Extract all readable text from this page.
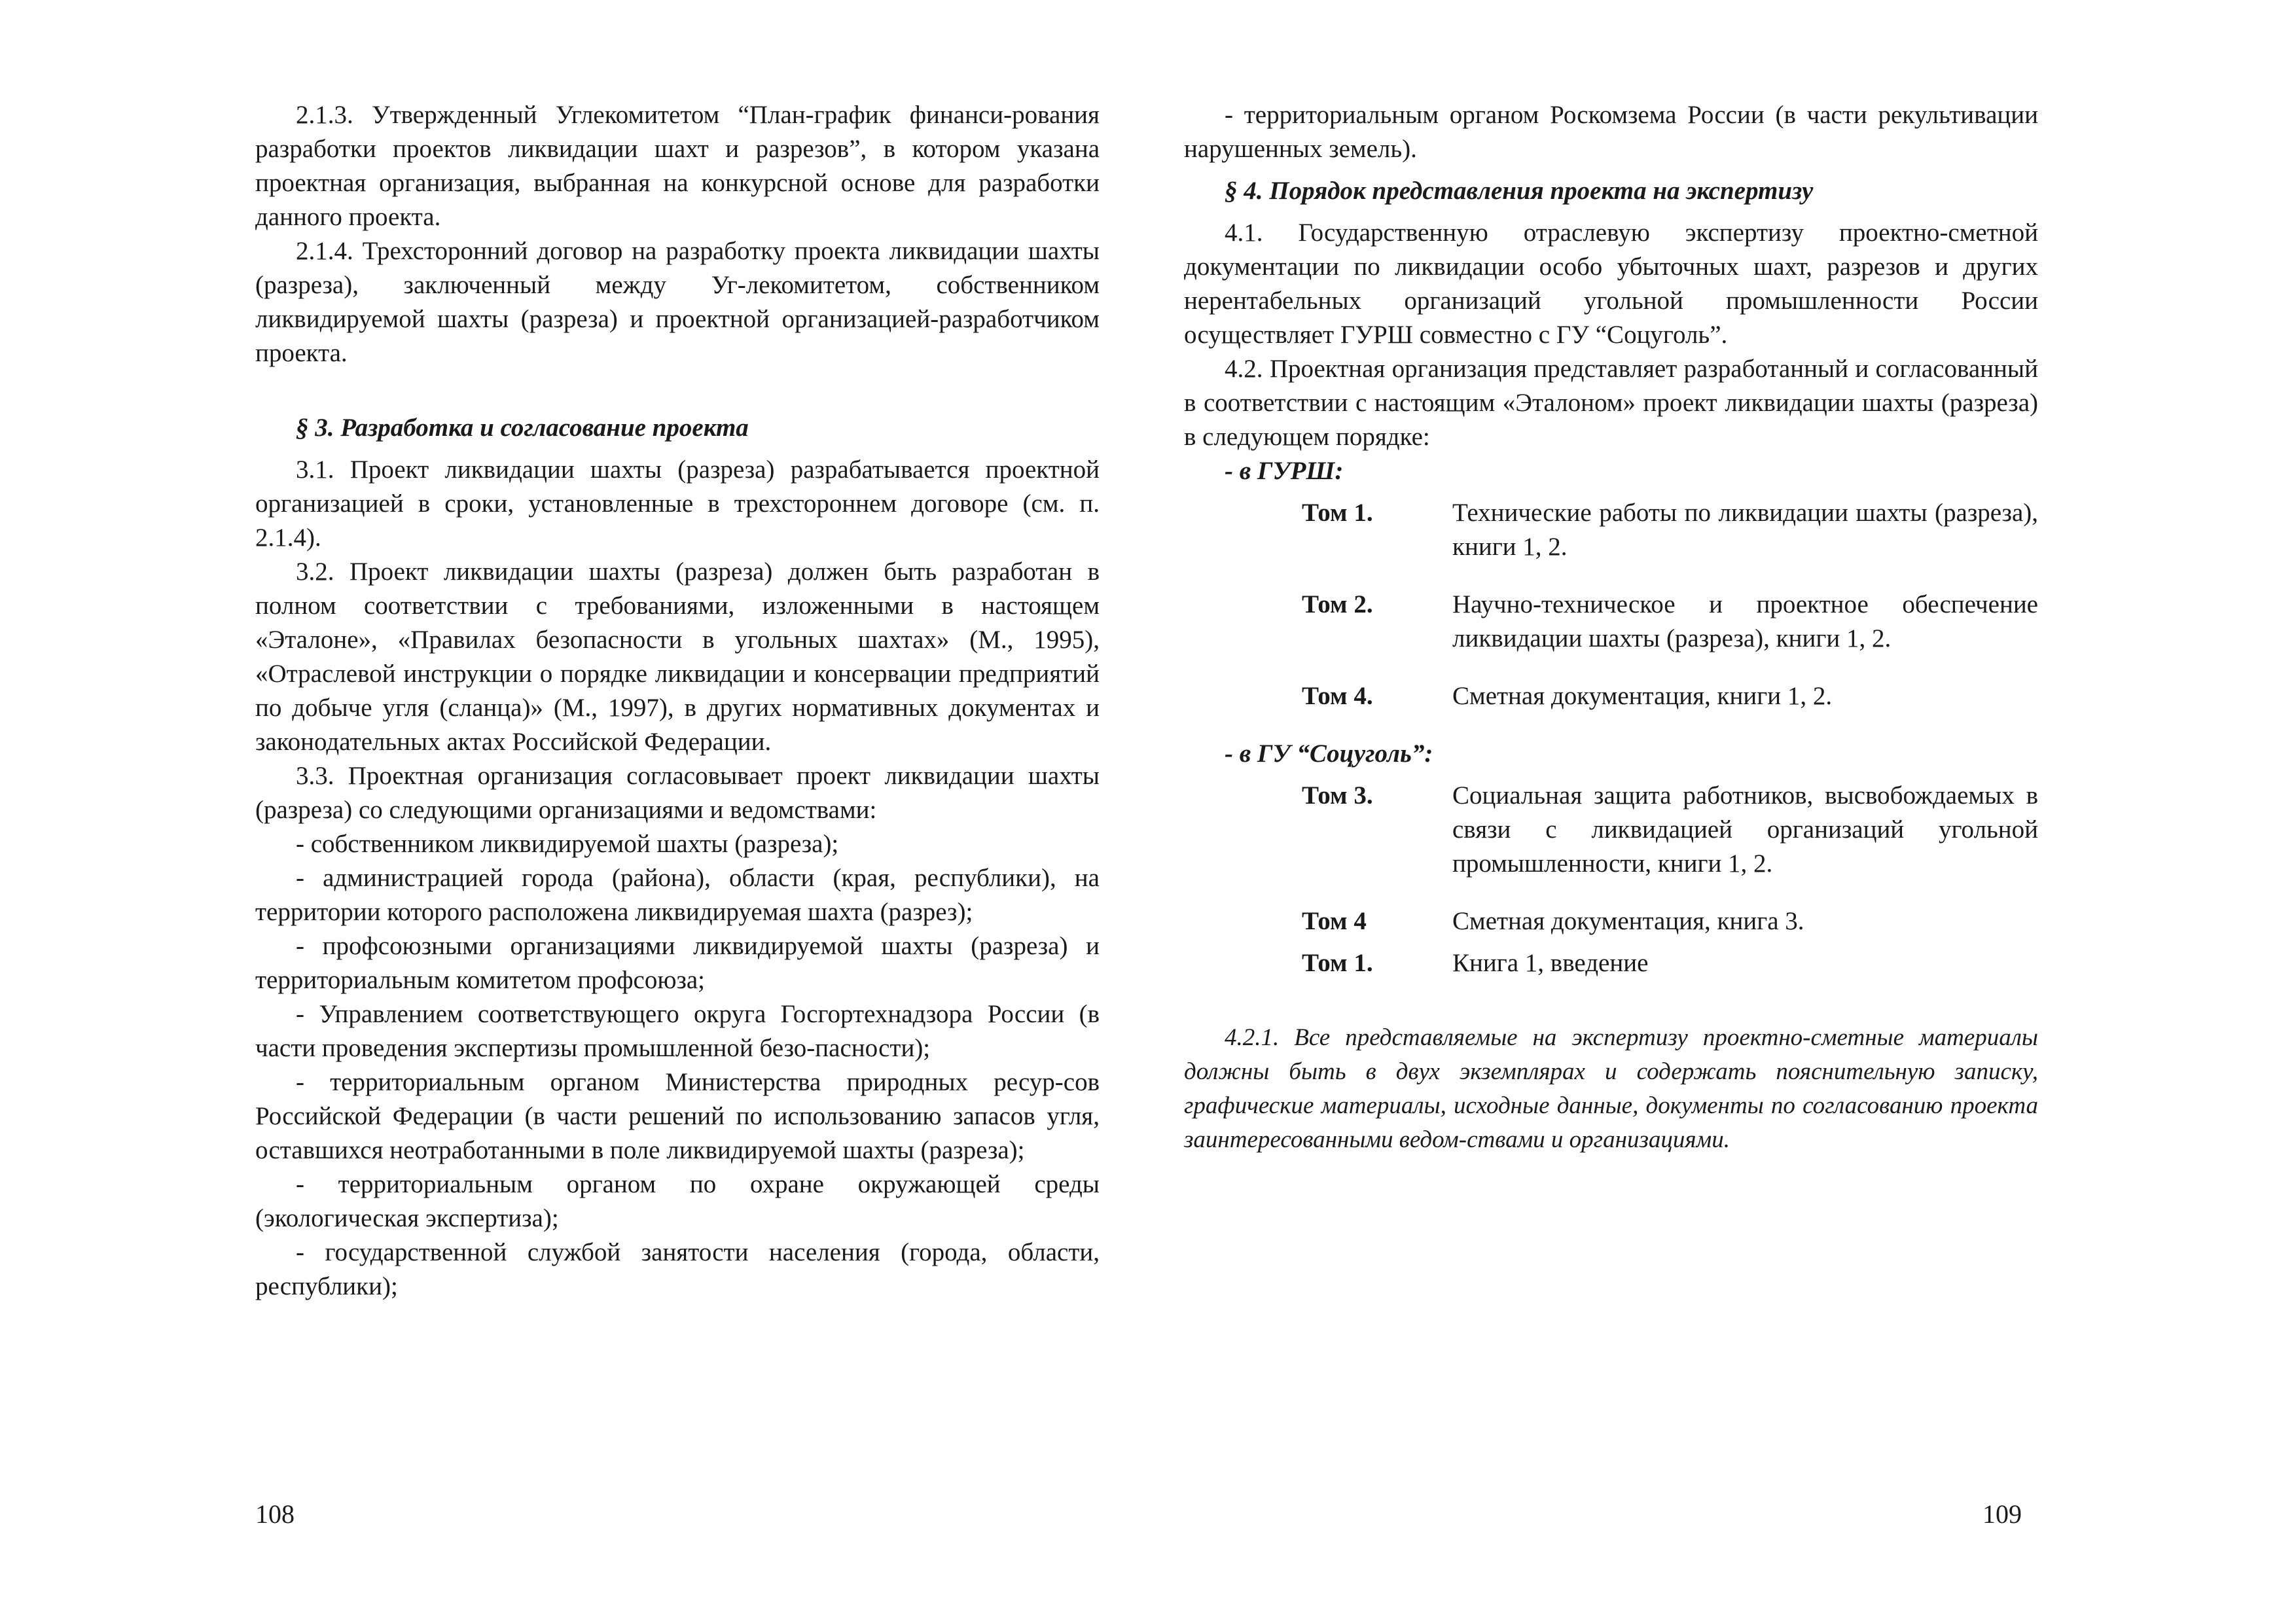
2.1.3. Утвержденный Углекомитетом “План-график финанси-рования разработки проектов ликвидации шахт и разрезов”, в котором указана проектная организация, выбранная на конкурсной основе для разработки данного проекта.

2.1.4. Трехсторонний договор на разработку проекта ликвидации шахты (разреза), заключенный между Уг-лекомитетом, собственником ликвидируемой шахты (разреза) и проектной организацией-разработчиком проекта.

§ 3. Разработка и согласование проекта

3.1. Проект ликвидации шахты (разреза) разрабатывается проектной организацией в сроки, установленные в трехстороннем договоре (см. п. 2.1.4).

3.2. Проект ликвидации шахты (разреза) должен быть разработан в полном соответствии с требованиями, изложенными в настоящем «Эталоне», «Правилах безопасности в угольных шахтах» (М., 1995), «Отраслевой инструкции о порядке ликвидации и консервации предприятий по добыче угля (сланца)» (М., 1997), в других нормативных документах и законодательных актах Российской Федерации.

3.3. Проектная организация согласовывает проект ликвидации шахты (разреза) со следующими организациями и ведомствами:

- собственником ликвидируемой шахты (разреза);

- администрацией города (района), области (края, республики), на территории которого расположена ликвидируемая шахта (разрез);

- профсоюзными организациями ликвидируемой шахты (разреза) и территориальным комитетом профсоюза;

- Управлением соответствующего округа Госгортехнадзора России (в части проведения экспертизы промышленной безо-пасности);

- территориальным органом Министерства природных ресур-сов Российской Федерации (в части решений по использованию запасов угля, оставшихся неотработанными в поле ликвидируемой шахты (разреза);

- территориальным органом по охране окружающей среды (экологическая экспертиза);

- государственной службой занятости населения (города, области, республики);

108

- территориальным органом Роскомзема России (в части рекультивации нарушенных земель).

§ 4. Порядок представления проекта на экспертизу

4.1. Государственную отраслевую экспертизу проектно-сметной документации по ликвидации особо убыточных шахт, разрезов и других нерентабельных организаций угольной промышленности России осуществляет ГУРШ совместно с ГУ “Соцуголь”.

4.2. Проектная организация представляет разработанный и согласованный в соответствии с настоящим «Эталоном» проект ликвидации шахты (разреза) в следующем порядке:

- в ГУРШ:
Том 1.	Технические работы по ликвидации шахты (разреза), книги 1, 2.
Том 2.	Научно-техническое и проектное обеспечение ликвидации шахты (разреза), книги 1, 2.
Том 4.	Сметная документация, книги 1, 2.
- в ГУ “Соцуголь”:
Том 3.	Социальная защита работников, высвобождаемых в связи с ликвидацией организаций угольной промышленности, книги 1, 2.
Том 4	Сметная документация, книга 3.
Том 1.	Книга 1, введение

4.2.1. Все представляемые на экспертизу проектно-сметные материалы должны быть в двух экземплярах и содержать пояснительную записку, графические материалы, исходные данные, документы по согласованию проекта заинтересованными ведом-ствами и организациями.

109
